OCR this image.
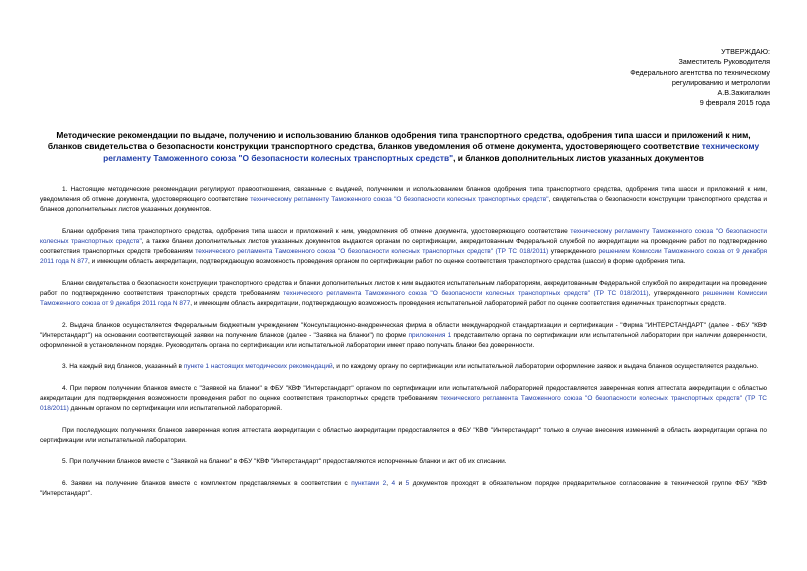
УТВЕРЖДАЮ:
Заместитель Руководителя
Федерального агентства по техническому
регулированию и метрологии
А.В.Зажигалкин
9 февраля 2015 года
Методические рекомендации по выдаче, получению и использованию бланков одобрения типа транспортного средства, одобрения типа шасси и приложений к ним, бланков свидетельства о безопасности конструкции транспортного средства, бланков уведомления об отмене документа, удостоверяющего соответствие техническому регламенту Таможенного союза "О безопасности колесных транспортных средств", и бланков дополнительных листов указанных документов

1. Настоящие методические рекомендации регулируют правоотношения, связанные с выдачей, получением и использованием бланков одобрения типа транспортного средства, одобрения типа шасси и приложений к ним, уведомления об отмене документа, удостоверяющего соответствие техническому регламенту Таможенного союза "О безопасности колесных транспортных средств", свидетельства о безопасности конструкции транспортного средства и бланков дополнительных листов указанных документов.

Бланки одобрения типа транспортного средства, одобрения типа шасси и приложений к ним, уведомления об отмене документа, удостоверяющего соответствие техническому регламенту Таможенного союза "О безопасности колесных транспортных средств", а также бланки дополнительных листов указанных документов выдаются органам по сертификации, аккредитованным Федеральной службой по аккредитации на проведение работ по подтверждению соответствия транспортных средств требованиям технического регламента Таможенного союза "О безопасности колесных транспортных средств" (ТР ТС 018/2011) утвержденного решением Комиссии Таможенного союза от 9 декабря 2011 года N 877, и имеющим область аккредитации, подтверждающую возможность проведения органом по сертификации работ по оценке соответствия транспортного средства (шасси) в форме одобрения типа.

Бланки свидетельства о безопасности конструкции транспортного средства и бланки дополнительных листов к ним выдаются испытательным лабораториям, аккредитованным Федеральной службой по аккредитации на проведение работ по подтверждению соответствия транспортных средств требованиям технического регламента Таможенного союза "О безопасности колесных транспортных средств" (ТР ТС 018/2011), утвержденного решением Комиссии Таможенного союза от 9 декабря 2011 года N 877, и имеющим область аккредитации, подтверждающую возможность проведения испытательной лабораторией работ по оценке соответствия единичных транспортных средств.

2. Выдача бланков осуществляется Федеральным бюджетным учреждением "Консультационно-внедренческая фирма в области международной стандартизации и сертификации - "Фирма "ИНТЕРСТАНДАРТ" (далее - ФБУ "КВФ "Интерстандарт") на основании соответствующей заявки на получение бланков (далее - "Заявка на бланки") по форме приложения 1 представителю органа по сертификации или испытательной лаборатории при наличии доверенности, оформленной в установленном порядке. Руководитель органа по сертификации или испытательной лаборатории имеет право получать бланки без доверенности.

3. На каждый вид бланков, указанный в пункте 1 настоящих методических рекомендаций, и по каждому органу по сертификации или испытательной лаборатории оформление заявок и выдача бланков осуществляется раздельно.

4. При первом получении бланков вместе с "Заявкой на бланки" в ФБУ "КВФ "Интерстандарт" органом по сертификации или испытательной лабораторией предоставляется заверенная копия аттестата аккредитации с областью аккредитации для подтверждения возможности проведения работ по оценке соответствия транспортных средств требованиям технического регламента Таможенного союза "О безопасности колесных транспортных средств" (ТР ТС 018/2011) данным органом по сертификации или испытательной лабораторией.

При последующих получениях бланков заверенная копия аттестата аккредитации с областью аккредитации предоставляется в ФБУ "КВФ "Интерстандарт" только в случае внесения изменений в область аккредитации органа по сертификации или испытательной лаборатории.

5. При получении бланков вместе с "Заявкой на бланки" в ФБУ "КВФ "Интерстандарт" предоставляются испорченные бланки и акт об их списании.

6. Заявки на получение бланков вместе с комплектом представляемых в соответствии с пунктами 2, 4 и 5 документов проходят в обязательном порядке предварительное согласование в технической группе ФБУ "КВФ "Интерстандарт".
